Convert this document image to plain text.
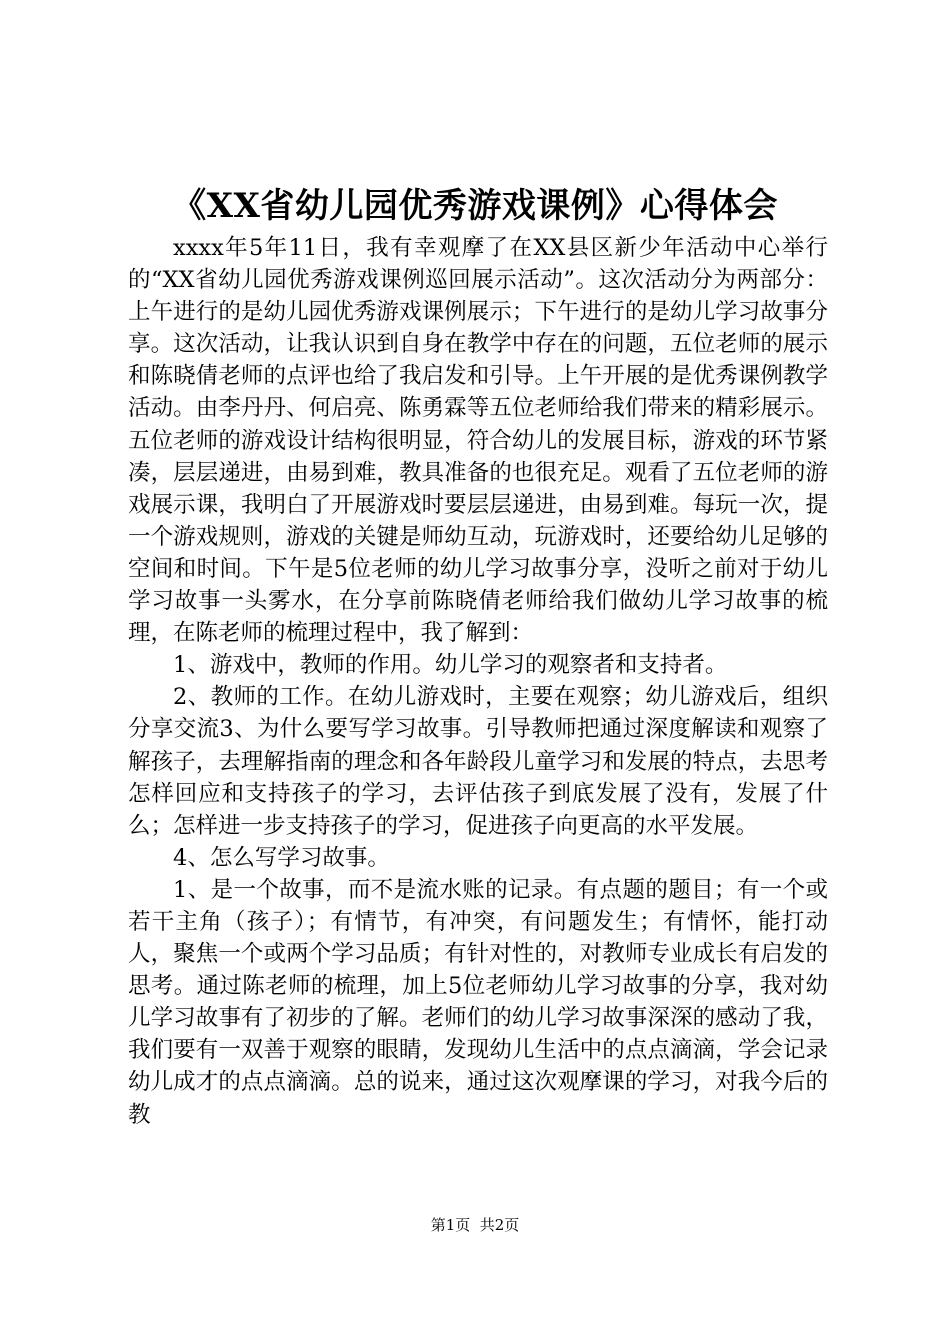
《XX省幼儿园优秀游戏课例》心得体会

xxxx年5年11日，我有幸观摩了在XX县区新少年活动中心举行的“XX省幼儿园优秀游戏课例巡回展示活动”。这次活动分为两部分：上午进行的是幼儿园优秀游戏课例展示；下午进行的是幼儿学习故事分享。这次活动，让我认识到自身在教学中存在的问题，五位老师的展示和陈晓倩老师的点评也给了我启发和引导。上午开展的是优秀课例教学活动。由李丹丹、何启亮、陈勇霖等五位老师给我们带来的精彩展示。五位老师的游戏设计结构很明显，符合幼儿的发展目标，游戏的环节紧凑，层层递进，由易到难，教具准备的也很充足。观看了五位老师的游戏展示课，我明白了开展游戏时要层层递进，由易到难。每玩一次，提一个游戏规则，游戏的关键是师幼互动，玩游戏时，还要给幼儿足够的空间和时间。下午是5位老师的幼儿学习故事分享，没听之前对于幼儿学习故事一头雾水，在分享前陈晓倩老师给我们做幼儿学习故事的梳理，在陈老师的梳理过程中，我了解到：

1、游戏中，教师的作用。幼儿学习的观察者和支持者。

2、教师的工作。在幼儿游戏时，主要在观察；幼儿游戏后，组织分享交流3、为什么要写学习故事。引导教师把通过深度解读和观察了解孩子，去理解指南的理念和各年龄段儿童学习和发展的特点，去思考怎样回应和支持孩子的学习，去评估孩子到底发展了没有，发展了什么；怎样进一步支持孩子的学习，促进孩子向更高的水平发展。

4、怎么写学习故事。

1、是一个故事，而不是流水账的记录。有点题的题目；有一个或若干主角（孩子）；有情节，有冲突，有问题发生；有情怀，能打动人，聚焦一个或两个学习品质；有针对性的，对教师专业成长有启发的思考。通过陈老师的梳理，加上5位老师幼儿学习故事的分享，我对幼儿学习故事有了初步的了解。老师们的幼儿学习故事深深的感动了我，我们要有一双善于观察的眼睛，发现幼儿生活中的点点滴滴，学会记录幼儿成才的点点滴滴。总的说来，通过这次观摩课的学习，对我今后的教

第1页  共2页
